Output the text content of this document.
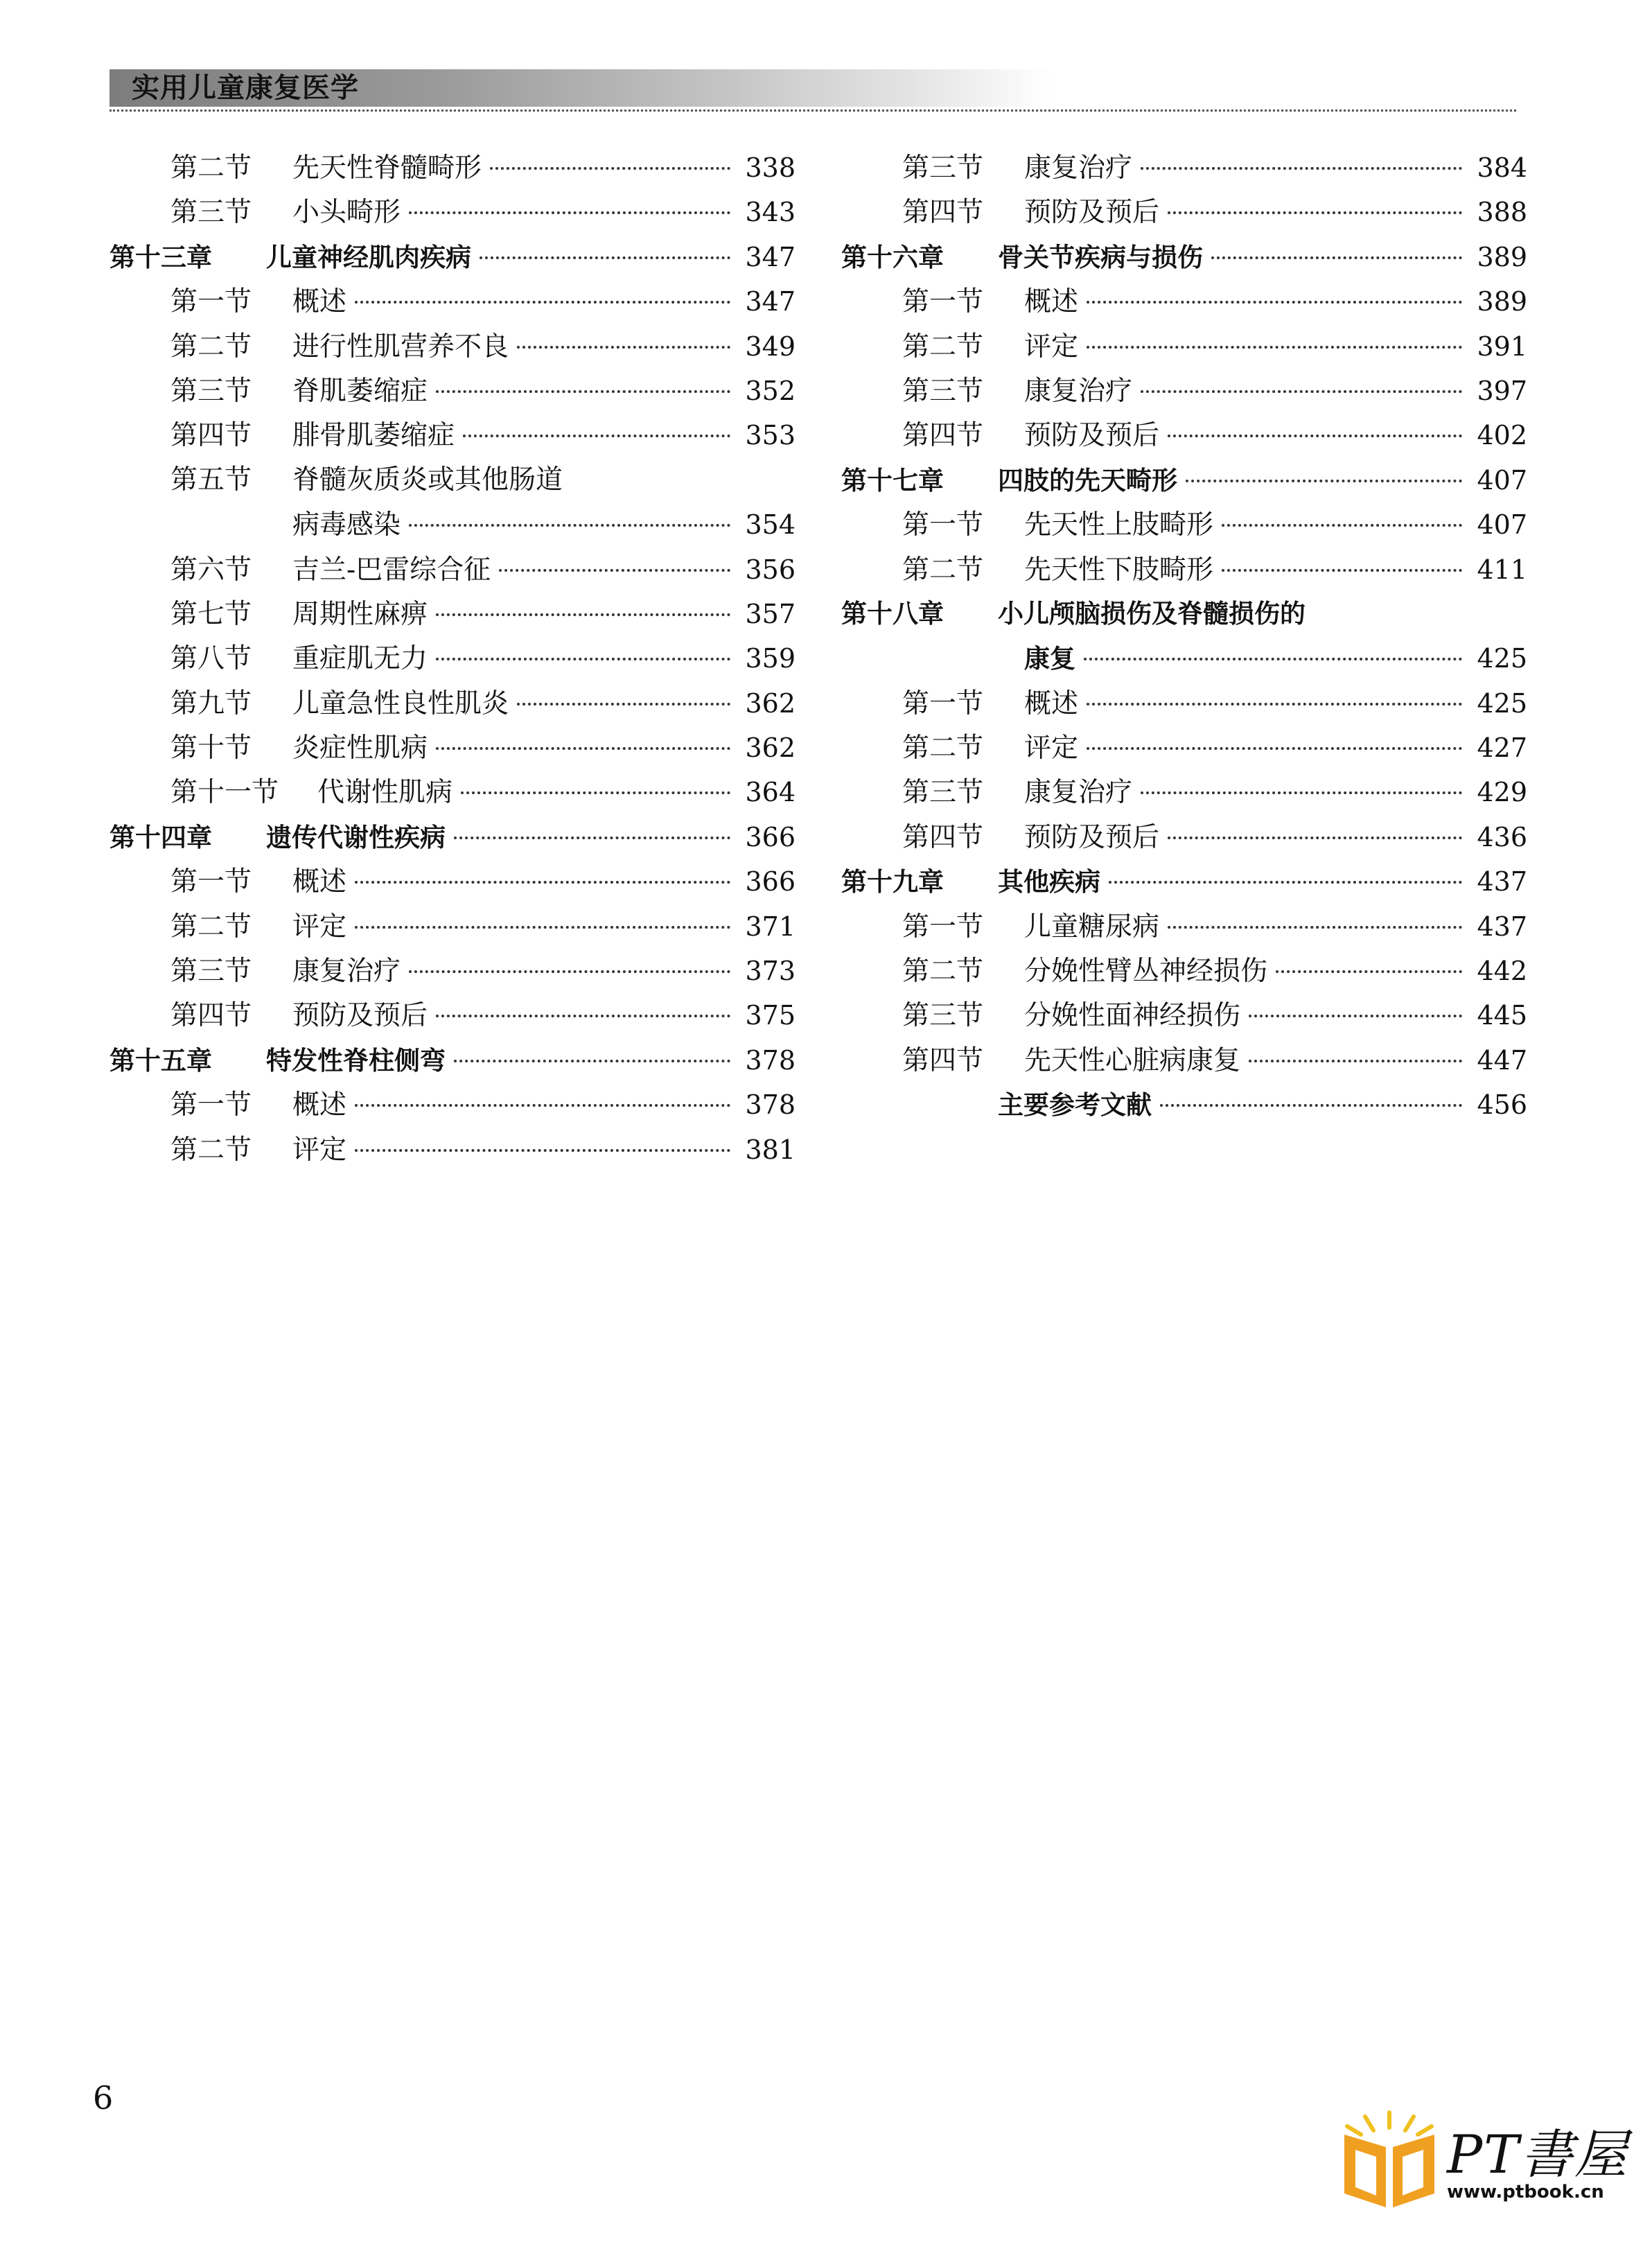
实用儿童康复医学
第二节	先天性脊髓畸形	338
第三节	小头畸形	343
第十三章	儿童神经肌肉疾病	347
第一节	概述	347
第二节	进行性肌营养不良	349
第三节	脊肌萎缩症	352
第四节	腓骨肌萎缩症	353
第五节	脊髓灰质炎或其他肠道
病毒感染	354
第六节	吉兰-巴雷综合征	356
第七节	周期性麻痹	357
第八节	重症肌无力	359
第九节	儿童急性良性肌炎	362
第十节	炎症性肌病	362
第十一节	代谢性肌病	364
第十四章	遗传代谢性疾病	366
第一节	概述	366
第二节	评定	371
第三节	康复治疗	373
第四节	预防及预后	375
第十五章	特发性脊柱侧弯	378
第一节	概述	378
第二节	评定	381
第三节	康复治疗	384
第四节	预防及预后	388
第十六章	骨关节疾病与损伤	389
第一节	概述	389
第二节	评定	391
第三节	康复治疗	397
第四节	预防及预后	402
第十七章	四肢的先天畸形	407
第一节	先天性上肢畸形	407
第二节	先天性下肢畸形	411
第十八章	小儿颅脑损伤及脊髓损伤的
康复	425
第一节	概述	425
第二节	评定	427
第三节	康复治疗	429
第四节	预防及预后	436
第十九章	其他疾病	437
第一节	儿童糖尿病	437
第二节	分娩性臂丛神经损伤	442
第三节	分娩性面神经损伤	445
第四节	先天性心脏病康复	447
主要参考文献	456
6
PT書屋
www.ptbook.cn
